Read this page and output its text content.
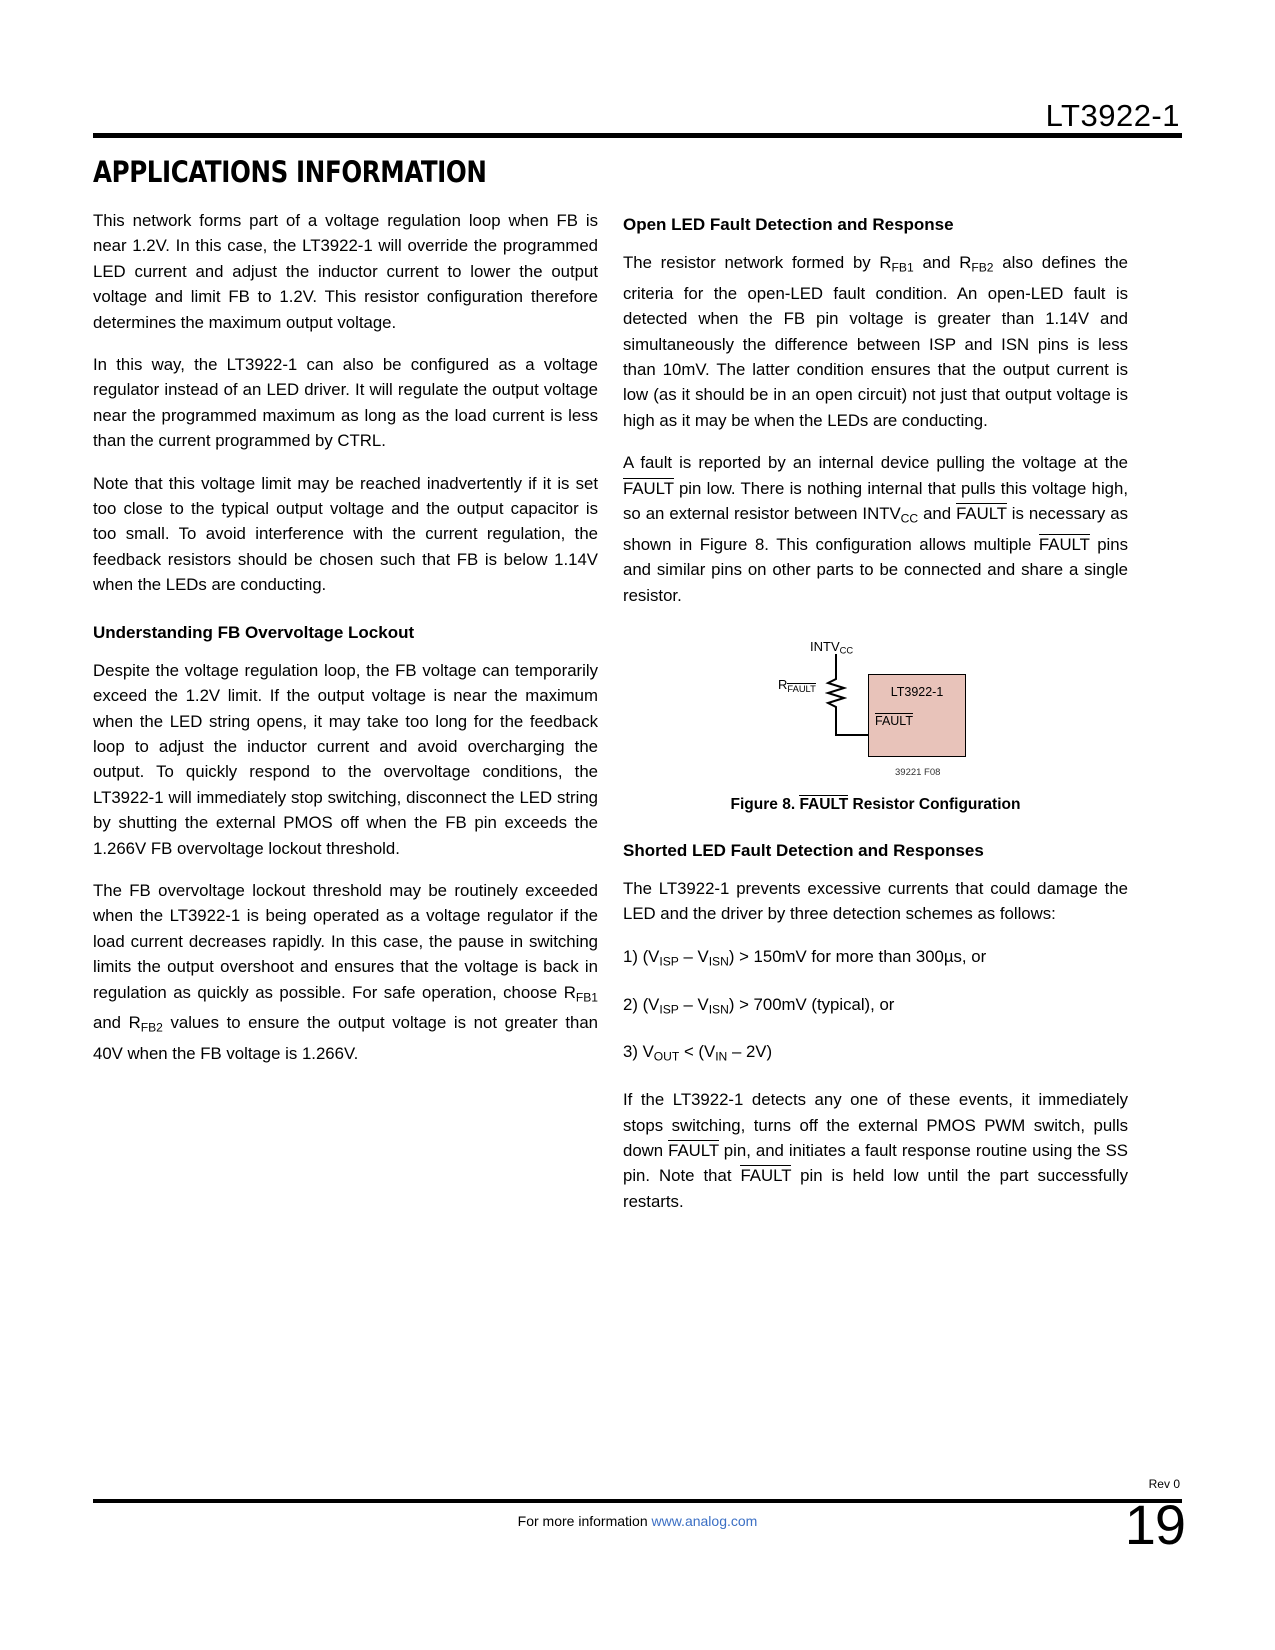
LT3922-1
APPLICATIONS INFORMATION

This network forms part of a voltage regulation loop when FB is near 1.2V. In this case, the LT3922-1 will override the programmed LED current and adjust the inductor current to lower the output voltage and limit FB to 1.2V. This resistor configuration therefore determines the maximum output voltage.

In this way, the LT3922-1 can also be configured as a voltage regulator instead of an LED driver. It will regulate the output voltage near the programmed maximum as long as the load current is less than the current programmed by CTRL.

Note that this voltage limit may be reached inadvertently if it is set too close to the typical output voltage and the output capacitor is too small. To avoid interference with the current regulation, the feedback resistors should be chosen such that FB is below 1.14V when the LEDs are conducting.

Understanding FB Overvoltage Lockout

Despite the voltage regulation loop, the FB voltage can temporarily exceed the 1.2V limit. If the output voltage is near the maximum when the LED string opens, it may take too long for the feedback loop to adjust the inductor current and avoid overcharging the output. To quickly respond to the overvoltage conditions, the LT3922-1 will immediately stop switching, disconnect the LED string by shutting the external PMOS off when the FB pin exceeds the 1.266V FB overvoltage lockout threshold.

The FB overvoltage lockout threshold may be routinely exceeded when the LT3922-1 is being operated as a voltage regulator if the load current decreases rapidly. In this case, the pause in switching limits the output overshoot and ensures that the voltage is back in regulation as quickly as possible. For safe operation, choose $R_{FB1}$ and $R_{FB2}$ values to ensure the output voltage is not greater than 40V when the FB voltage is 1.266V.

Open LED Fault Detection and Response

The resistor network formed by $R_{FB1}$ and $R_{FB2}$ also defines the criteria for the open-LED fault condition. An open-LED fault is detected when the FB pin voltage is greater than 1.14V and simultaneously the difference between ISP and ISN pins is less than 10mV. The latter condition ensures that the output current is low (as it should be in an open circuit) not just that output voltage is high as it may be when the LEDs are conducting.

A fault is reported by an internal device pulling the voltage at the FAULT pin low. There is nothing internal that pulls this voltage high, so an external resistor between $INTV_{CC}$ and FAULT is necessary as shown in Figure 8. This configuration allows multiple FAULT pins and similar pins on other parts to be connected and share a single resistor.

$INTV_{CC}$
$R_{FAULT}$	LT3922-1
FAULT
39221 F08
Figure 8. FAULT Resistor Configuration
Shorted LED Fault Detection and Responses

The LT3922-1 prevents excessive currents that could damage the LED and the driver by three detection schemes as follows:

1) $(V_{ISP} - V_{ISN}) > 150mV$ for more than 300µs, or

2) $(V_{ISP} - V_{ISN}) > 700mV$ (typical), or

3) $V_{OUT} < (V_{IN} - 2V)$

If the LT3922-1 detects any one of these events, it immediately stops switching, turns off the external PMOS PWM switch, pulls down FAULT pin, and initiates a fault response routine using the SS pin. Note that FAULT pin is held low until the part successfully restarts.

Rev 0
For more information www.analog.com	19
